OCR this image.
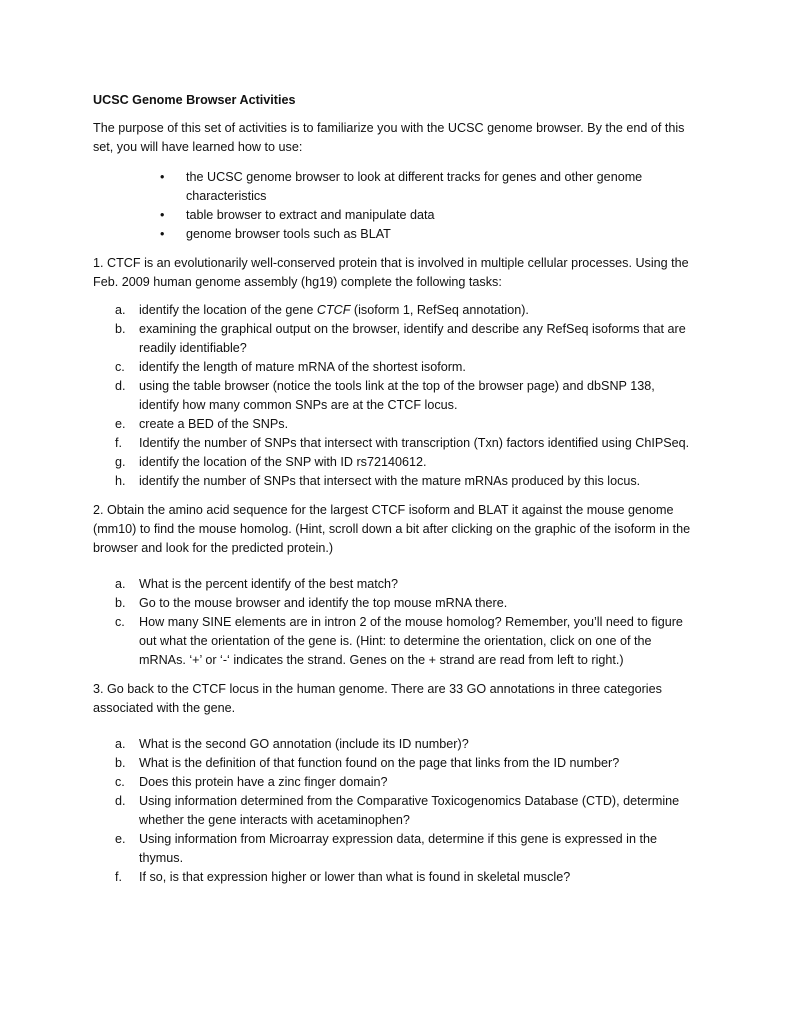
UCSC Genome Browser Activities

The purpose of this set of activities is to familiarize you with the UCSC genome browser. By the end of this set, you will have learned how to use:

• the UCSC genome browser to look at different tracks for genes and other genome characteristics
• table browser to extract and manipulate data
• genome browser tools such as BLAT

1. CTCF is an evolutionarily well-conserved protein that is involved in multiple cellular processes. Using the Feb. 2009 human genome assembly (hg19) complete the following tasks:

a. identify the location of the gene CTCF (isoform 1, RefSeq annotation).
b. examining the graphical output on the browser, identify and describe any RefSeq isoforms that are readily identifiable?
c. identify the length of mature mRNA of the shortest isoform.
d. using the table browser (notice the tools link at the top of the browser page) and dbSNP 138, identify how many common SNPs are at the CTCF locus.
e. create a BED of the SNPs.
f. Identify the number of SNPs that intersect with transcription (Txn) factors identified using ChIPSeq.
g. identify the location of the SNP with ID rs72140612.
h. identify the number of SNPs that intersect with the mature mRNAs produced by this locus.

2. Obtain the amino acid sequence for the largest CTCF isoform and BLAT it against the mouse genome (mm10) to find the mouse homolog. (Hint, scroll down a bit after clicking on the graphic of the isoform in the browser and look for the predicted protein.)

a. What is the percent identify of the best match?
b. Go to the mouse browser and identify the top mouse mRNA there.
c. How many SINE elements are in intron 2 of the mouse homolog? Remember, you’ll need to figure out what the orientation of the gene is. (Hint: to determine the orientation, click on one of the mRNAs. ‘+’ or ‘-‘ indicates the strand. Genes on the + strand are read from left to right.)

3. Go back to the CTCF locus in the human genome. There are 33 GO annotations in three categories associated with the gene.

a. What is the second GO annotation (include its ID number)?
b. What is the definition of that function found on the page that links from the ID number?
c. Does this protein have a zinc finger domain?
d. Using information determined from the Comparative Toxicogenomics Database (CTD), determine whether the gene interacts with acetaminophen?
e. Using information from Microarray expression data, determine if this gene is expressed in the thymus.
f. If so, is that expression higher or lower than what is found in skeletal muscle?
